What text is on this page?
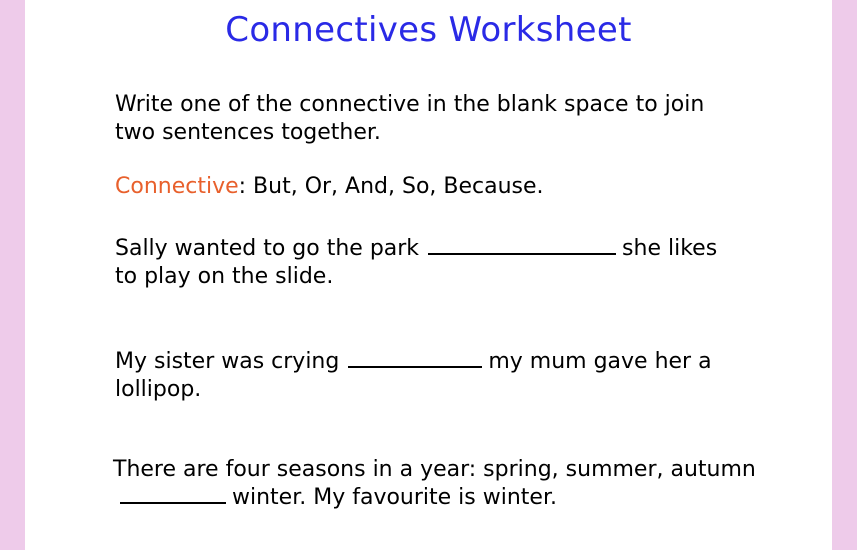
Connectives Worksheet
Write one of the connective in the blank space to join two sentences together.
Connective: But, Or, And, So, Because.
Sally wanted to go the park	she likes to play on the slide.
My sister was crying	my mum gave her a lollipop.
There are four seasons in a year: spring, summer, autumn
winter. My favourite is winter.
